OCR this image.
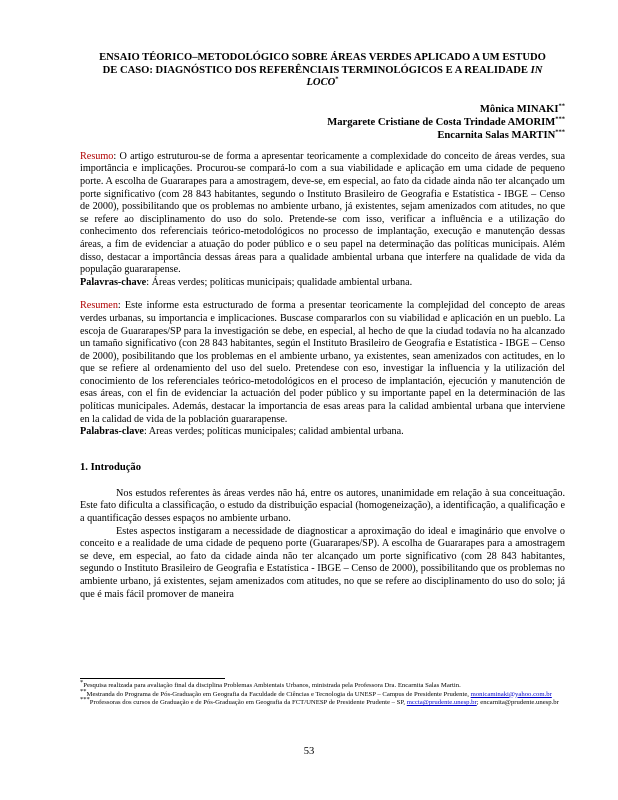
ENSAIO TÉORICO–METODOLÓGICO SOBRE ÁREAS VERDES APLICADO A UM ESTUDO
DE CASO: DIAGNÓSTICO DOS REFERÊNCIAIS TERMINOLÓGICOS E A REALIDADE IN
LOCO*

Mônica MINAKI**
Margarete Cristiane de Costa Trindade AMORIM***
Encarnita Salas MARTIN***

Resumo: O artigo estruturou-se de forma a apresentar teoricamente a complexidade do conceito de áreas verdes, sua importância e implicações. Procurou-se compará-lo com a sua viabilidade e aplicação em uma cidade de pequeno porte. A escolha de Guararapes para a amostragem, deve-se, em especial, ao fato da cidade ainda não ter alcançado um porte significativo (com 28 843 habitantes, segundo o Instituto Brasileiro de Geografia e Estatística - IBGE – Censo de 2000), possibilitando que os problemas no ambiente urbano, já existentes, sejam amenizados com atitudes, no que se refere ao disciplinamento do uso do solo. Pretende-se com isso, verificar a influência e a utilização do conhecimento dos referenciais teórico-metodológicos no processo de implantação, execução e manutenção dessas áreas, a fim de evidenciar a atuação do poder público e o seu papel na determinação das políticas municipais. Além disso, destacar a importância dessas áreas para a qualidade ambiental urbana que interfere na qualidade de vida da população guararapense.

Palavras-chave: Áreas verdes; políticas municipais; qualidade ambiental urbana.

Resumen: Este informe esta estructurado de forma a presentar teoricamente la complejidad del concepto de areas verdes urbanas, su importancia e implicaciones. Buscase compararlos con su viabilidad e aplicación en un pueblo. La escoja de Guararapes/SP para la investigación se debe, en especial, al hecho de que la ciudad todavía no ha alcanzado un tamaño significativo (con 28 843 habitantes, según el Instituto Brasileiro de Geografia e Estatística - IBGE – Censo de 2000), posibilitando que los problemas en el ambiente urbano, ya existentes, sean amenizados con actitudes, en lo que se refiere al ordenamiento del uso del suelo. Pretendese con eso, investigar la influencia y la utilización del conocimiento de los referenciales teórico-metodológicos en el proceso de implantación, ejecución y manutención de esas áreas, con el fin de evidenciar la actuación del poder público y su importante papel en la determinación de las políticas municipales. Además, destacar la importancia de esas areas para la calidad ambiental urbana que interviene en la calidad de vida de la población guararapense.

Palabras-clave: Areas verdes; políticas municipales; calidad ambiental urbana.

1. Introdução

Nos estudos referentes às áreas verdes não há, entre os autores, unanimidade em relação à sua conceituação. Este fato dificulta a classificação, o estudo da distribuição espacial (homogeneização), a identificação, a qualificação e a quantificação desses espaços no ambiente urbano.

Estes aspectos instigaram a necessidade de diagnosticar a aproximação do ideal e imaginário que envolve o conceito e a realidade de uma cidade de pequeno porte (Guararapes/SP). A escolha de Guararapes para a amostragem se deve, em especial, ao fato da cidade ainda não ter alcançado um porte significativo (com 28 843 habitantes, segundo o Instituto Brasileiro de Geografia e Estatística - IBGE – Censo de 2000), possibilitando que os problemas no ambiente urbano, já existentes, sejam amenizados com atitudes, no que se refere ao disciplinamento do uso do solo; já que é mais fácil promover de maneira

*Pesquisa realizada para avaliação final da disciplina Problemas Ambientais Urbanos, ministrada pela Professora Dra. Encarnita Salas Martin.

**Mestranda do Programa de Pós-Graduação em Geografia da Faculdade de Ciências e Tecnologia da UNESP – Campus de Presidente Prudente, monicaminaki@yahoo.com.br

***Professoras dos cursos de Graduação e de Pós-Graduação em Geografia da FCT/UNESP de Presidente Prudente – SP, mccta@prudente.unesp.br; encarnita@prudente.unesp.br

53
